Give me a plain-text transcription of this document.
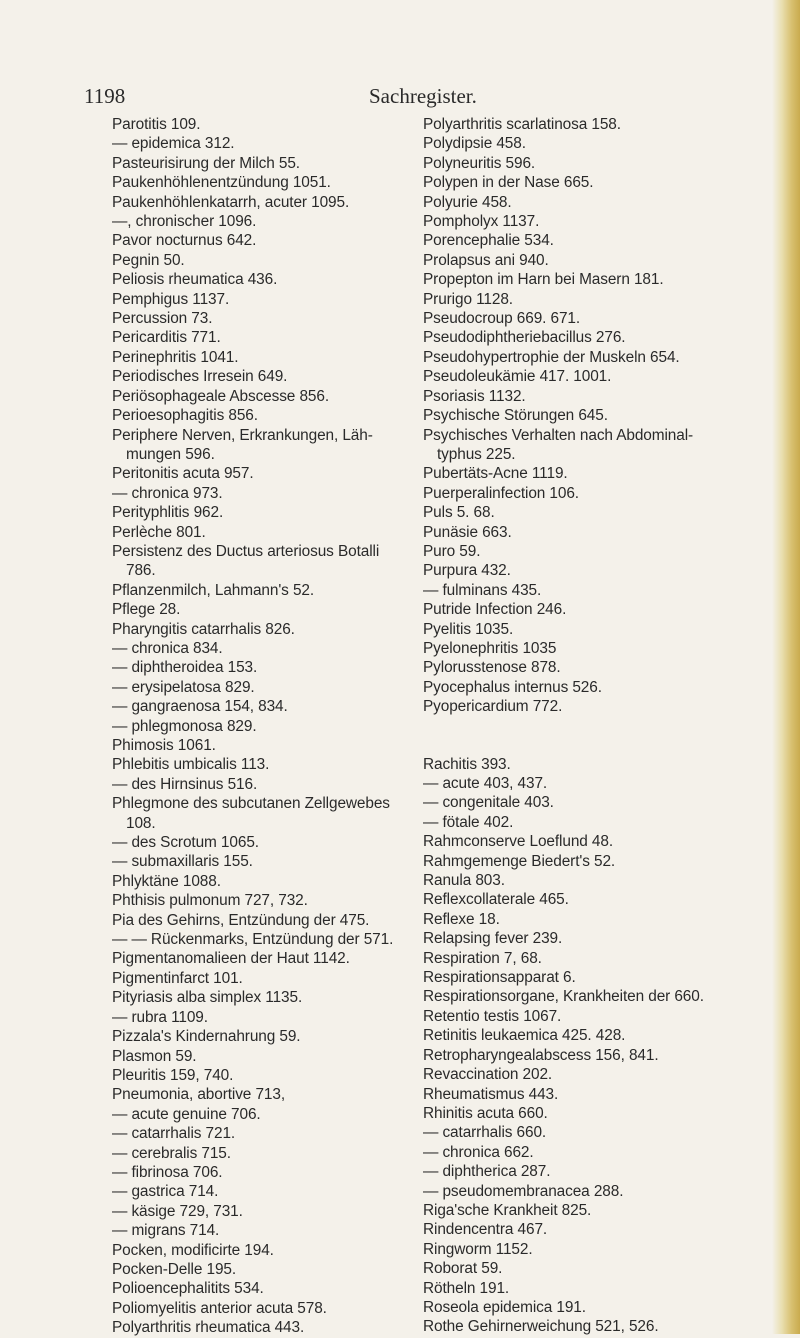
1198	Sachregister.
Parotitis 109.
— epidemica 312.
Pasteurisirung der Milch 55.
Paukenhöhlenentzündung 1051.
Paukenhöhlenkatarrh, acuter 1095.
—, chronischer 1096.
Pavor nocturnus 642.
Pegnin 50.
Peliosis rheumatica 436.
Pemphigus 1137.
Percussion 73.
Pericarditis 771.
Perinephritis 1041.
Periodisches Irresein 649.
Periösophageale Abscesse 856.
Perioesophagitis 856.
Periphere Nerven, Erkrankungen, Läh-
mungen 596.
Peritonitis acuta 957.
— chronica 973.
Perityphlitis 962.
Perlèche 801.
Persistenz des Ductus arteriosus Botalli
786.
Pflanzenmilch, Lahmann's 52.
Pflege 28.
Pharyngitis catarrhalis 826.
— chronica 834.
— diphtheroidea 153.
— erysipelatosa 829.
— gangraenosa 154, 834.
— phlegmonosa 829.
Phimosis 1061.
Phlebitis umbicalis 113.
— des Hirnsinus 516.
Phlegmone des subcutanen Zellgewebes
108.
— des Scrotum 1065.
— submaxillaris 155.
Phlyktäne 1088.
Phthisis pulmonum 727, 732.
Pia des Gehirns, Entzündung der 475.
— — Rückenmarks, Entzündung der 571.
Pigmentanomalieen der Haut 1142.
Pigmentinfarct 101.
Pityriasis alba simplex 1135.
— rubra 1109.
Pizzala's Kindernahrung 59.
Plasmon 59.
Pleuritis 159, 740.
Pneumonia, abortive 713,
— acute genuine 706.
— catarrhalis 721.
— cerebralis 715.
— fibrinosa 706.
— gastrica 714.
— käsige 729, 731.
— migrans 714.
Pocken, modificirte 194.
Pocken-Delle 195.
Polioencephalitits 534.
Poliomyelitis anterior acuta 578.
Polyarthritis rheumatica 443.
Polyarthritis scarlatinosa 158.
Polydipsie 458.
Polyneuritis 596.
Polypen in der Nase 665.
Polyurie 458.
Pompholyx 1137.
Porencephalie 534.
Prolapsus ani 940.
Propepton im Harn bei Masern 181.
Prurigo 1128.
Pseudocroup 669. 671.
Pseudodiphtheriebacillus 276.
Pseudohypertrophie der Muskeln 654.
Pseudoleukämie 417. 1001.
Psoriasis 1132.
Psychische Störungen 645.
Psychisches Verhalten nach Abdominal-
typhus 225.
Pubertäts-Acne 1119.
Puerperalinfection 106.
Puls 5. 68.
Punäsie 663.
Puro 59.
Purpura 432.
— fulminans 435.
Putride Infection 246.
Pyelitis 1035.
Pyelonephritis 1035
Pylorusstenose 878.
Pyocephalus internus 526.
Pyopericardium 772.
Rachitis 393.
— acute 403, 437.
— congenitale 403.
— fötale 402.
Rahmconserve Loeflund 48.
Rahmgemenge Biedert's 52.
Ranula 803.
Reflexcollaterale 465.
Reflexe 18.
Relapsing fever 239.
Respiration 7, 68.
Respirationsapparat 6.
Respirationsorgane, Krankheiten der 660.
Retentio testis 1067.
Retinitis leukaemica 425. 428.
Retropharyngealabscess 156, 841.
Revaccination 202.
Rheumatismus 443.
Rhinitis acuta 660.
— catarrhalis 660.
— chronica 662.
— diphtherica 287.
— pseudomembranacea 288.
Riga'sche Krankheit 825.
Rindencentra 467.
Ringworm 1152.
Roborat 59.
Rötheln 191.
Roseola epidemica 191.
Rothe Gehirnerweichung 521, 526.
